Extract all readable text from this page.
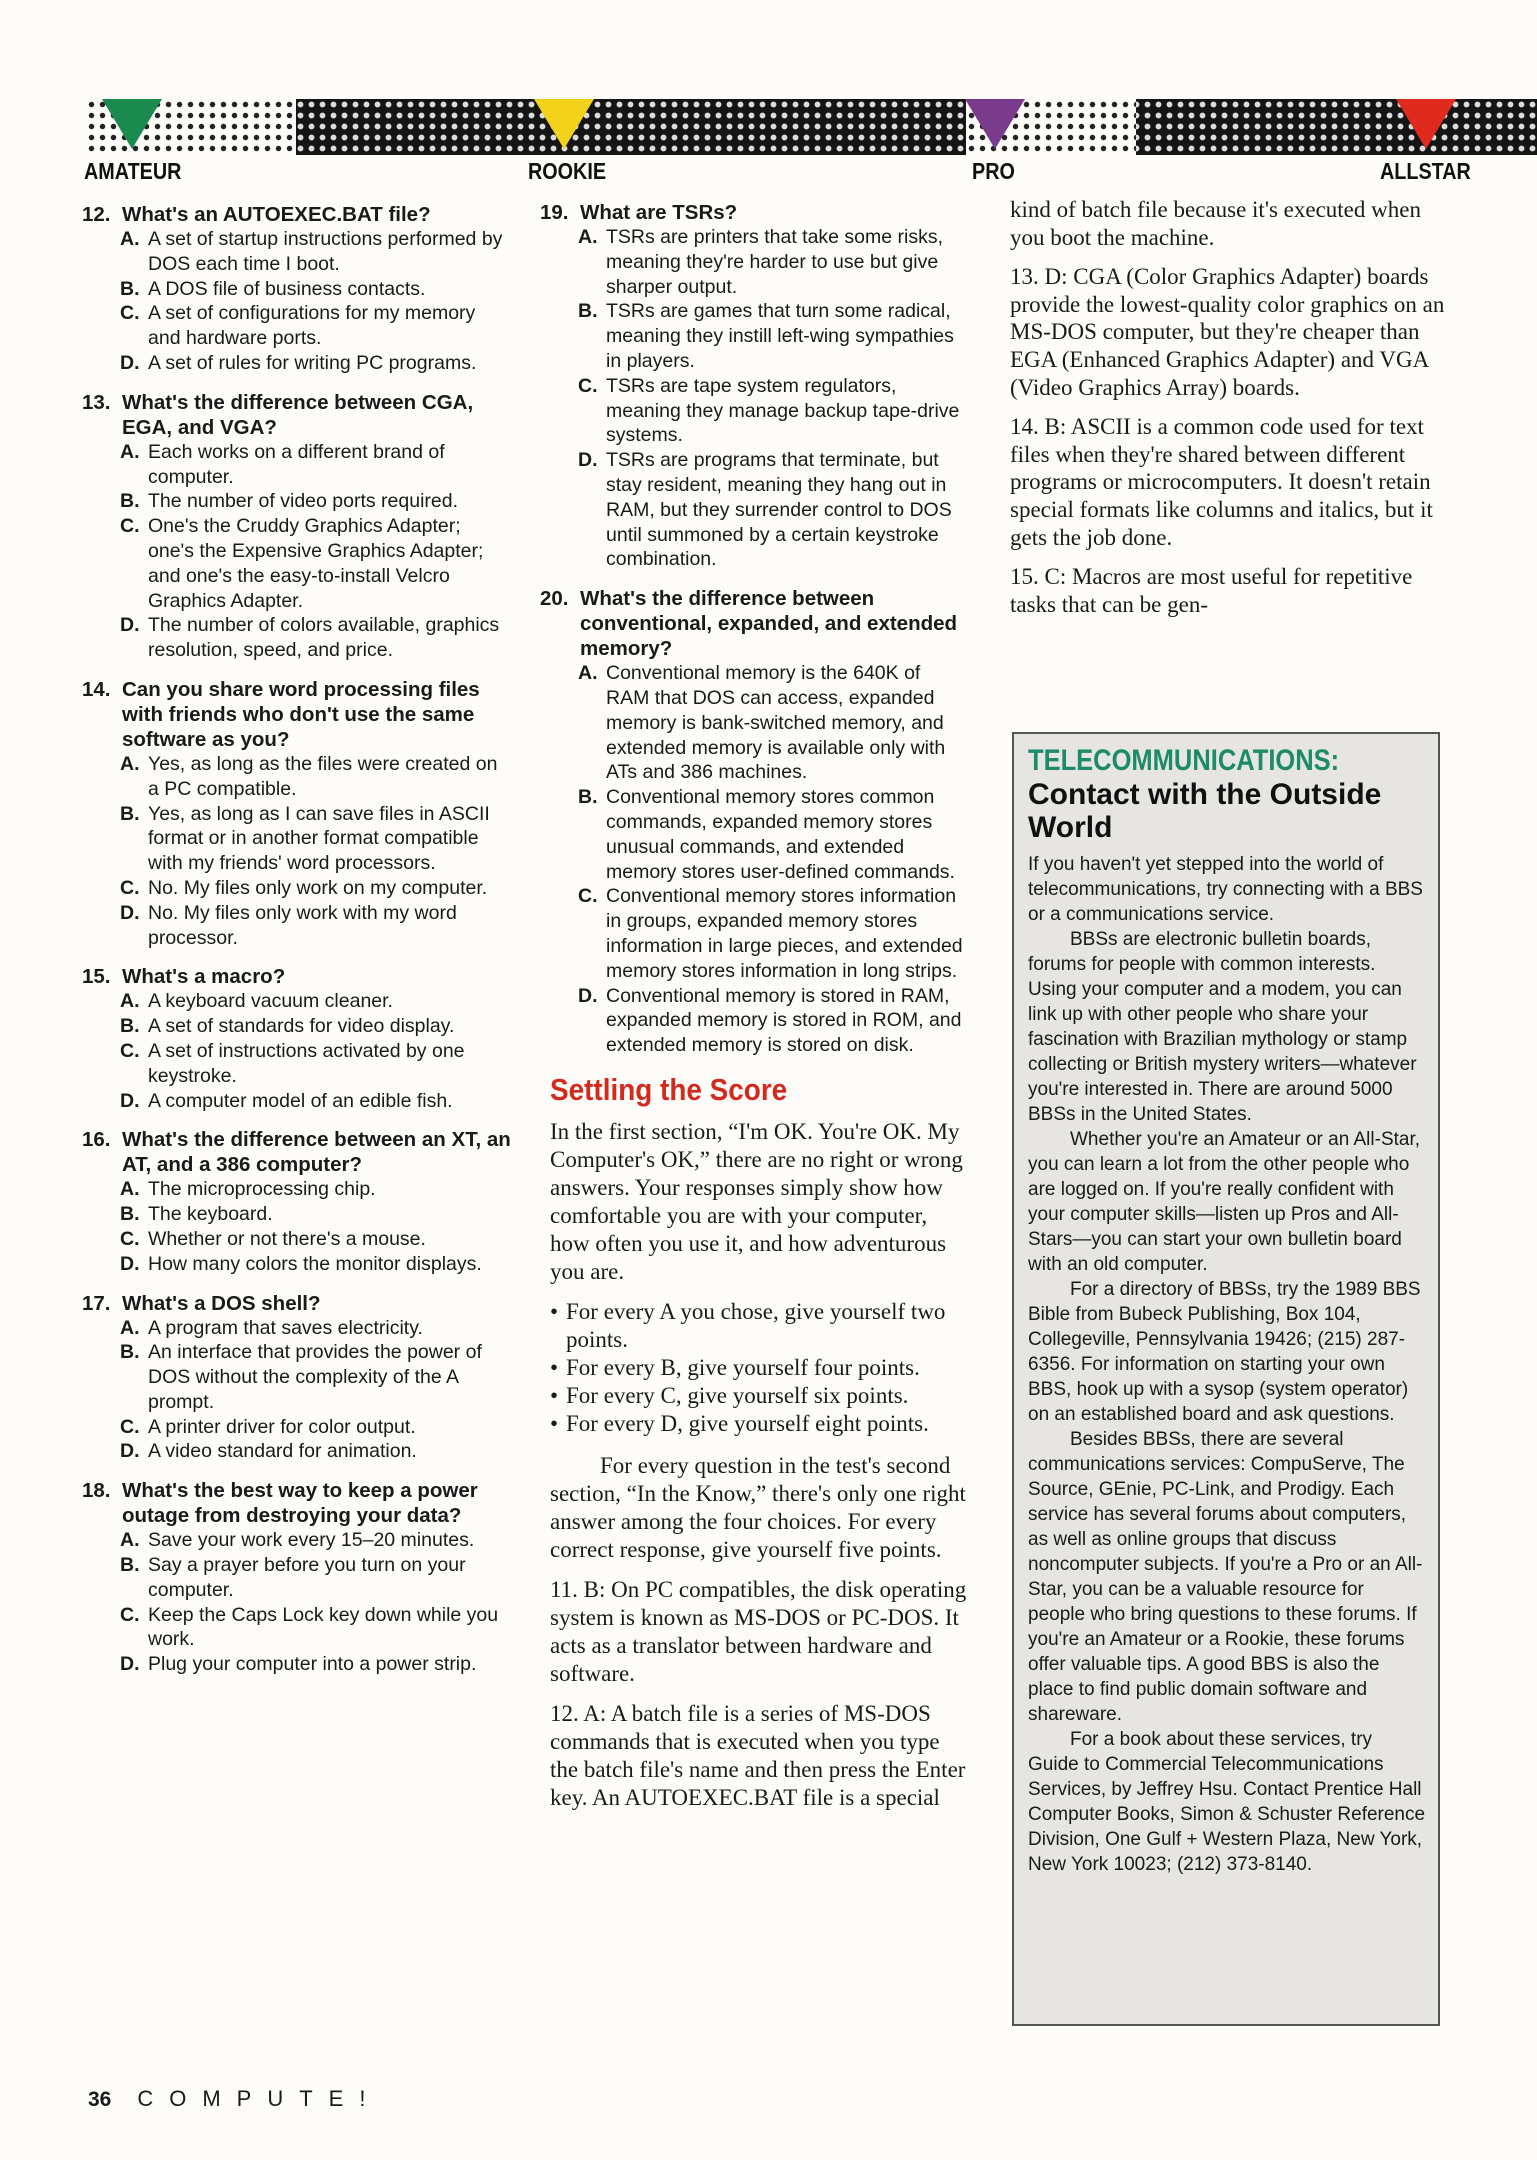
AMATEUR	ROOKIE	PRO	ALLSTAR
12. What's an AUTOEXEC.BAT file?
A. A set of startup instructions performed by DOS each time I boot.
B. A DOS file of business contacts.
C. A set of configurations for my memory and hardware ports.
D. A set of rules for writing PC programs.
13. What's the difference between CGA, EGA, and VGA?
A. Each works on a different brand of computer.
B. The number of video ports required.
C. One's the Cruddy Graphics Adapter; one's the Expensive Graphics Adapter; and one's the easy-to-install Velcro Graphics Adapter.
D. The number of colors available, graphics resolution, speed, and price.
14. Can you share word processing files with friends who don't use the same software as you?
A. Yes, as long as the files were created on a PC compatible.
B. Yes, as long as I can save files in ASCII format or in another format compatible with my friends' word processors.
C. No. My files only work on my computer.
D. No. My files only work with my word processor.
15. What's a macro?
A. A keyboard vacuum cleaner.
B. A set of standards for video display.
C. A set of instructions activated by one keystroke.
D. A computer model of an edible fish.
16. What's the difference between an XT, an AT, and a 386 computer?
A. The microprocessing chip.
B. The keyboard.
C. Whether or not there's a mouse.
D. How many colors the monitor displays.
17. What's a DOS shell?
A. A program that saves electricity.
B. An interface that provides the power of DOS without the complexity of the A prompt.
C. A printer driver for color output.
D. A video standard for animation.
18. What's the best way to keep a power outage from destroying your data?
A. Save your work every 15–20 minutes.
B. Say a prayer before you turn on your computer.
C. Keep the Caps Lock key down while you work.
D. Plug your computer into a power strip.
19. What are TSRs?
A. TSRs are printers that take some risks, meaning they're harder to use but give sharper output.
B. TSRs are games that turn some radical, meaning they instill left-wing sympathies in players.
C. TSRs are tape system regulators, meaning they manage backup tape-drive systems.
D. TSRs are programs that terminate, but stay resident, meaning they hang out in RAM, but they surrender control to DOS until summoned by a certain keystroke combination.
20. What's the difference between conventional, expanded, and extended memory?
A. Conventional memory is the 640K of RAM that DOS can access, expanded memory is bank-switched memory, and extended memory is available only with ATs and 386 machines.
B. Conventional memory stores common commands, expanded memory stores unusual commands, and extended memory stores user-defined commands.
C. Conventional memory stores information in groups, expanded memory stores information in large pieces, and extended memory stores information in long strips.
D. Conventional memory is stored in RAM, expanded memory is stored in ROM, and extended memory is stored on disk.
Settling the Score
In the first section, “I'm OK. You're OK. My Computer's OK,” there are no right or wrong answers. Your responses simply show how comfortable you are with your computer, how often you use it, and how adventurous you are.
• For every A you chose, give yourself two points.
• For every B, give yourself four points.
• For every C, give yourself six points.
• For every D, give yourself eight points.
For every question in the test's second section, “In the Know,” there's only one right answer among the four choices. For every correct response, give yourself five points.
11. B: On PC compatibles, the disk operating system is known as MS-DOS or PC-DOS. It acts as a translator between hardware and software.
12. A: A batch file is a series of MS-DOS commands that is executed when you type the batch file's name and then press the Enter key. An AUTOEXEC.BAT file is a special
kind of batch file because it's executed when you boot the machine.
13. D: CGA (Color Graphics Adapter) boards provide the lowest-quality color graphics on an MS-DOS computer, but they're cheaper than EGA (Enhanced Graphics Adapter) and VGA (Video Graphics Array) boards.
14. B: ASCII is a common code used for text files when they're shared between different programs or microcomputers. It doesn't retain special formats like columns and italics, but it gets the job done.
15. C: Macros are most useful for repetitive tasks that can be gen-
TELECOMMUNICATIONS:
Contact with the Outside World

If you haven't yet stepped into the world of telecommunications, try connecting with a BBS or a communications service.

BBSs are electronic bulletin boards, forums for people with common interests. Using your computer and a modem, you can link up with other people who share your fascination with Brazilian mythology or stamp collecting or British mystery writers—whatever you're interested in. There are around 5000 BBSs in the United States.

Whether you're an Amateur or an All-Star, you can learn a lot from the other people who are logged on. If you're really confident with your computer skills—listen up Pros and All-Stars—you can start your own bulletin board with an old computer.

For a directory of BBSs, try the 1989 BBS Bible from Bubeck Publishing, Box 104, Collegeville, Pennsylvania 19426; (215) 287-6356. For information on starting your own BBS, hook up with a sysop (system operator) on an established board and ask questions.

Besides BBSs, there are several communications services: CompuServe, The Source, GEnie, PC-Link, and Prodigy. Each service has several forums about computers, as well as online groups that discuss noncomputer subjects. If you're a Pro or an All-Star, you can be a valuable resource for people who bring questions to these forums. If you're an Amateur or a Rookie, these forums offer valuable tips. A good BBS is also the place to find public domain software and shareware.

For a book about these services, try Guide to Commercial Telecommunications Services, by Jeffrey Hsu. Contact Prentice Hall Computer Books, Simon & Schuster Reference Division, One Gulf + Western Plaza, New York, New York 10023; (212) 373-8140.

36 COMPUTE!
